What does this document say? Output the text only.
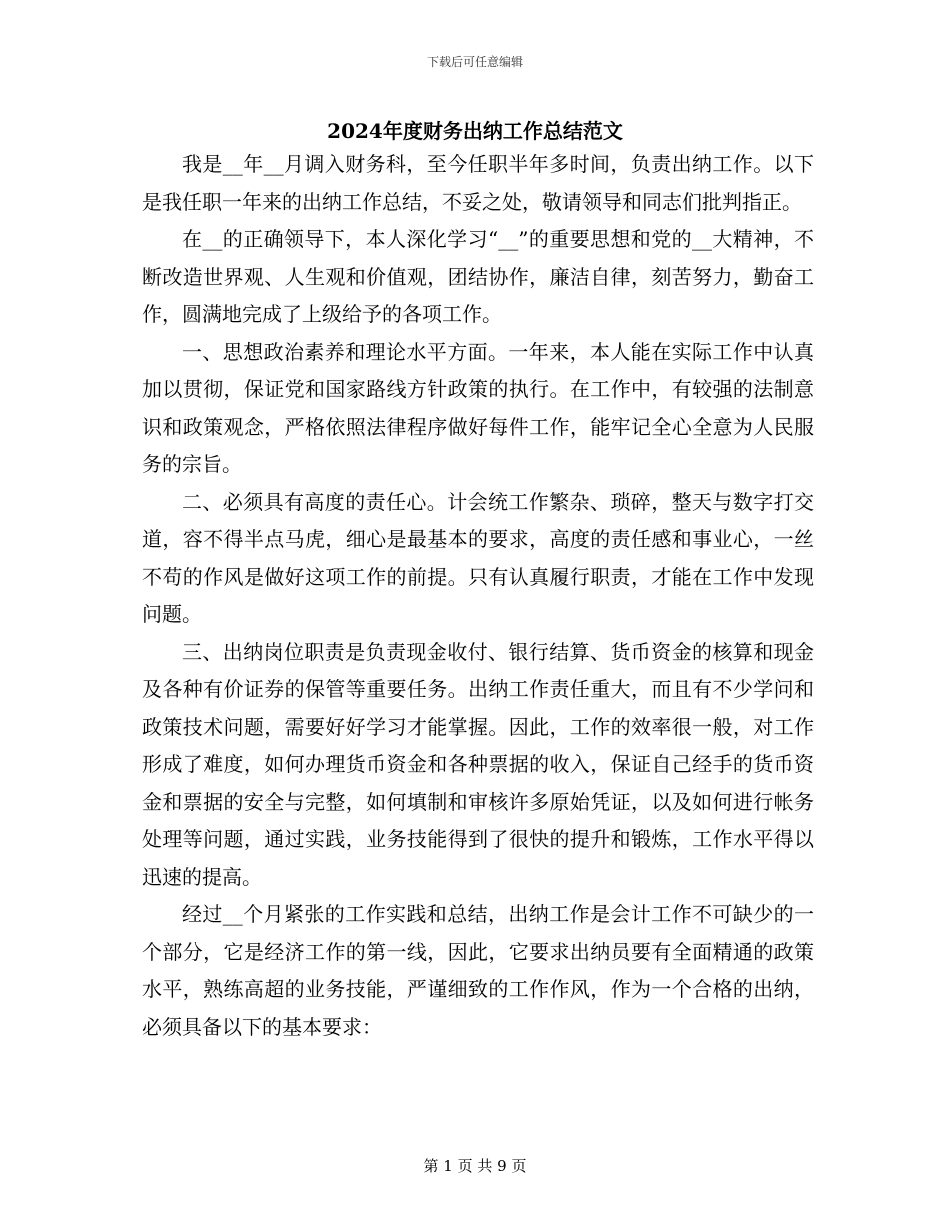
下载后可任意编辑
2024年度财务出纳工作总结范文

我是__年__月调入财务科，至今任职半年多时间，负责出纳工作。以下是我任职一年来的出纳工作总结，不妥之处，敬请领导和同志们批判指正。

在__的正确领导下，本人深化学习“__”的重要思想和党的__大精神，不断改造世界观、人生观和价值观，团结协作，廉洁自律，刻苦努力，勤奋工作，圆满地完成了上级给予的各项工作。

一、思想政治素养和理论水平方面。一年来，本人能在实际工作中认真加以贯彻，保证党和国家路线方针政策的执行。在工作中，有较强的法制意识和政策观念，严格依照法律程序做好每件工作，能牢记全心全意为人民服务的宗旨。

二、必须具有高度的责任心。计会统工作繁杂、琐碎，整天与数字打交道，容不得半点马虎，细心是最基本的要求，高度的责任感和事业心，一丝不苟的作风是做好这项工作的前提。只有认真履行职责，才能在工作中发现问题。

三、出纳岗位职责是负责现金收付、银行结算、货币资金的核算和现金及各种有价证券的保管等重要任务。出纳工作责任重大，而且有不少学问和政策技术问题，需要好好学习才能掌握。因此，工作的效率很一般，对工作形成了难度，如何办理货币资金和各种票据的收入，保证自己经手的货币资金和票据的安全与完整，如何填制和审核许多原始凭证，以及如何进行帐务处理等问题，通过实践，业务技能得到了很快的提升和锻炼，工作水平得以迅速的提高。

经过__个月紧张的工作实践和总结，出纳工作是会计工作不可缺少的一个部分，它是经济工作的第一线，因此，它要求出纳员要有全面精通的政策水平，熟练高超的业务技能，严谨细致的工作作风，作为一个合格的出纳，必须具备以下的基本要求：

第 1 页 共 9 页
